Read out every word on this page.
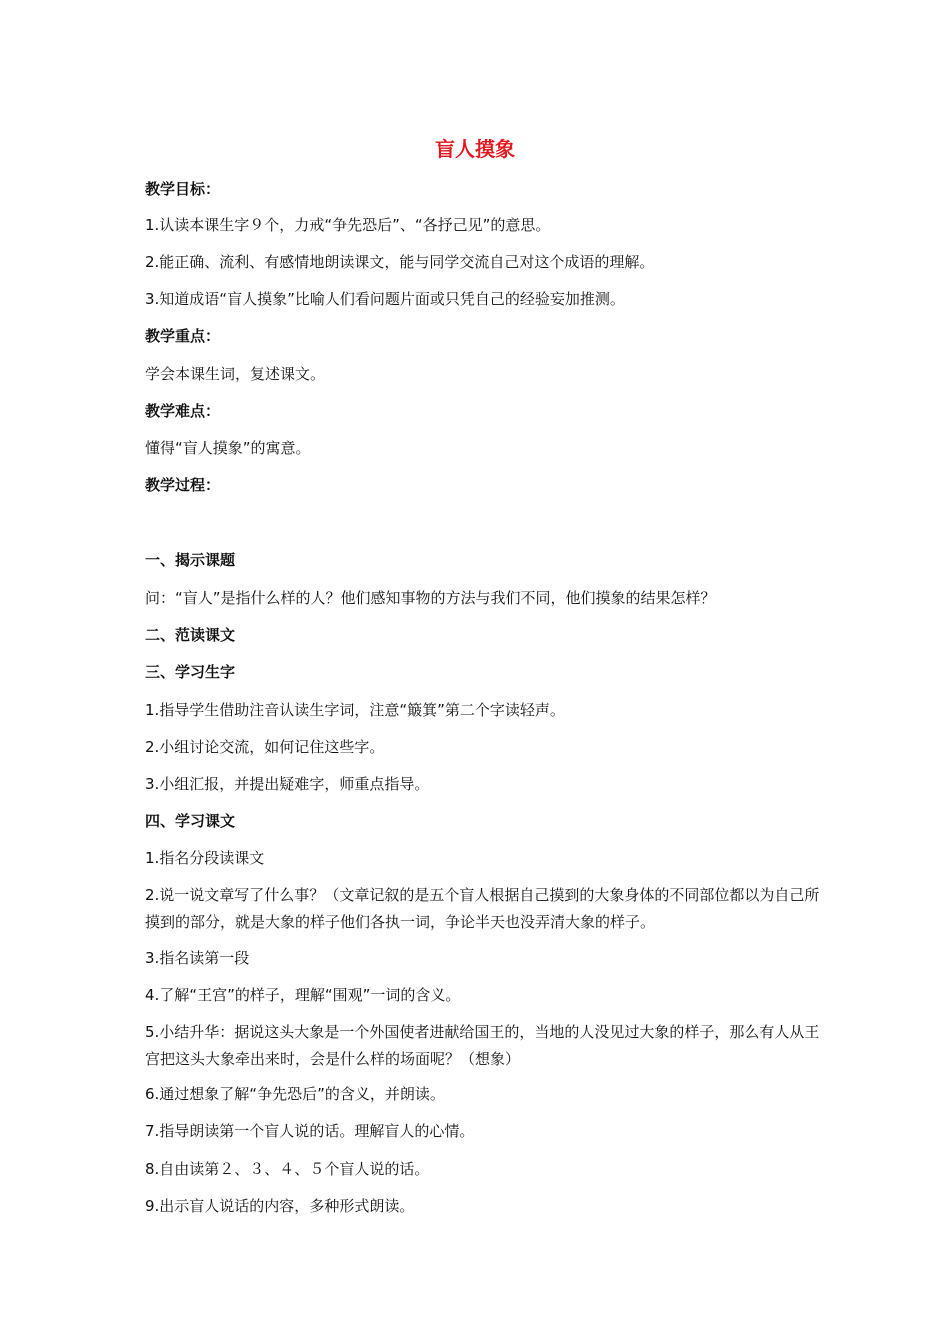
盲人摸象
教学目标：
1.认读本课生字９个，力戒“争先恐后”、“各抒己见”的意思。
2.能正确、流利、有感情地朗读课文，能与同学交流自己对这个成语的理解。
3.知道成语“盲人摸象”比喻人们看问题片面或只凭自己的经验妄加推测。
教学重点：
学会本课生词，复述课文。
教学难点：
懂得“盲人摸象”的寓意。
教学过程：
一、揭示课题
问：“盲人”是指什么样的人？他们感知事物的方法与我们不同，他们摸象的结果怎样？
二、范读课文
三、学习生字
1.指导学生借助注音认读生字词，注意“簸箕”第二个字读轻声。
2.小组讨论交流，如何记住这些字。
3.小组汇报，并提出疑难字，师重点指导。
四、学习课文
1.指名分段读课文
2.说一说文章写了什么事？（文章记叙的是五个盲人根据自己摸到的大象身体的不同部位都以为自己所摸到的部分，就是大象的样子他们各执一词，争论半天也没弄清大象的样子。
3.指名读第一段
4.了解“王宫”的样子，理解“围观”一词的含义。
5.小结升华：据说这头大象是一个外国使者进献给国王的，当地的人没见过大象的样子，那么有人从王宫把这头大象牵出来时，会是什么样的场面呢？（想象）
6.通过想象了解“争先恐后”的含义，并朗读。
7.指导朗读第一个盲人说的话。理解盲人的心情。
8.自由读第２、３、４、５个盲人说的话。
9.出示盲人说话的内容，多种形式朗读。
